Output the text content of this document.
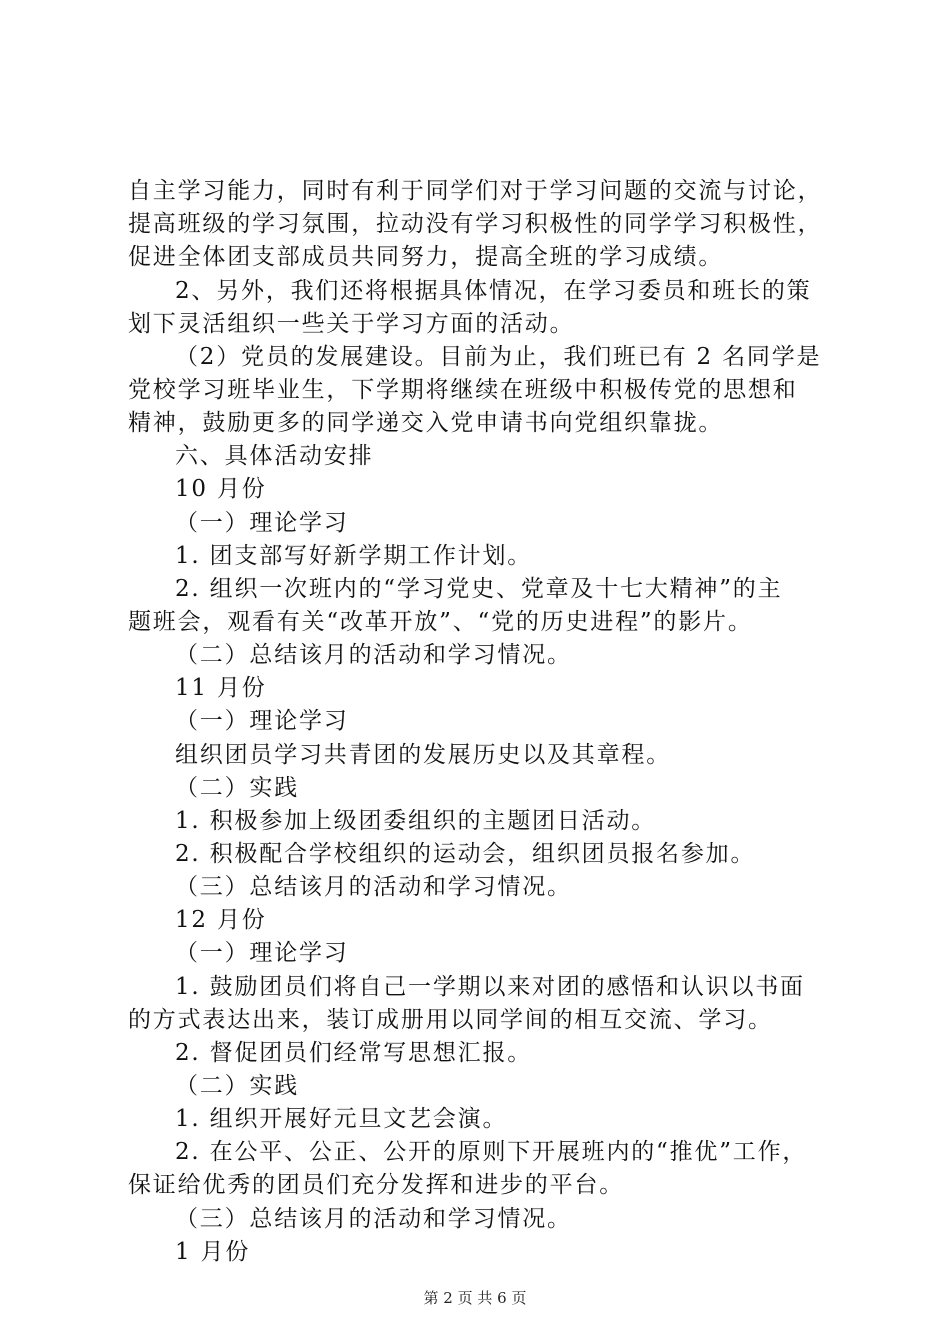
自主学习能力，同时有利于同学们对于学习问题的交流与讨论，
提高班级的学习氛围，拉动没有学习积极性的同学学习积极性，
促进全体团支部成员共同努力，提高全班的学习成绩。
2、另外，我们还将根据具体情况，在学习委员和班长的策
划下灵活组织一些关于学习方面的活动。
（2）党员的发展建设。目前为止，我们班已有 2 名同学是
党校学习班毕业生，下学期将继续在班级中积极传党的思想和
精神，鼓励更多的同学递交入党申请书向党组织靠拢。
六、具体活动安排
10 月份
（一）理论学习
1. 团支部写好新学期工作计划。
2. 组织一次班内的“学习党史、党章及十七大精神”的主
题班会，观看有关“改革开放”、“党的历史进程”的影片。
（二）总结该月的活动和学习情况。
11 月份
（一）理论学习
组织团员学习共青团的发展历史以及其章程。
（二）实践
1. 积极参加上级团委组织的主题团日活动。
2. 积极配合学校组织的运动会，组织团员报名参加。
（三）总结该月的活动和学习情况。
12 月份
（一）理论学习
1. 鼓励团员们将自己一学期以来对团的感悟和认识以书面
的方式表达出来，装订成册用以同学间的相互交流、学习。
2. 督促团员们经常写思想汇报。
（二）实践
1. 组织开展好元旦文艺会演。
2. 在公平、公正、公开的原则下开展班内的“推优”工作，
保证给优秀的团员们充分发挥和进步的平台。
（三）总结该月的活动和学习情况。
1 月份
第 2 页 共 6 页
